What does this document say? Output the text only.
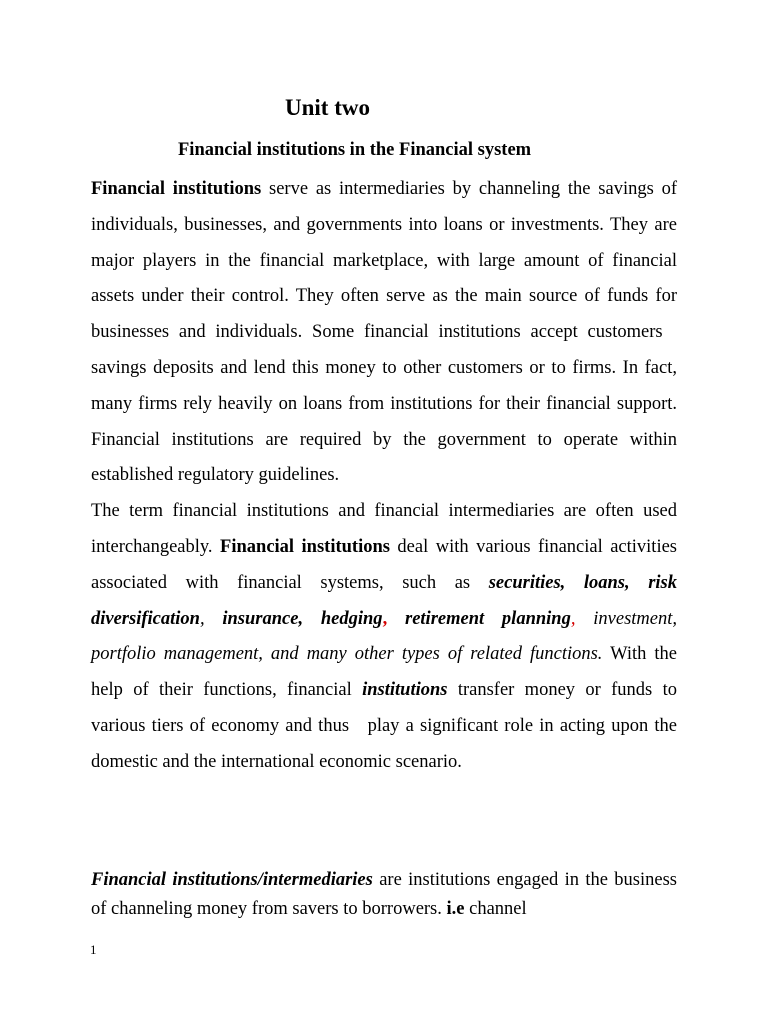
Unit two
Financial institutions in the Financial system

Financial institutions serve as intermediaries by channeling the savings of individuals, businesses, and governments into loans or investments. They are major players in the financial marketplace, with large amount of financial assets under their control. They often serve as the main source of funds for businesses and individuals. Some financial institutions accept customers   savings deposits and lend this money to other customers or to firms. In fact, many firms rely heavily on loans from institutions for their financial support. Financial institutions are required by the government to operate within established regulatory guidelines.

The term financial institutions and financial intermediaries are often used interchangeably. Financial institutions deal with various financial activities associated with financial systems, such as securities, loans, risk diversification, insurance, hedging, retirement planning, investment, portfolio management, and many other types of related functions. With the help of their functions, financial institutions transfer money or funds to various tiers of economy and thus   play a significant role in acting upon the domestic and the international economic scenario.

Financial institutions/intermediaries are institutions engaged in the business of channeling money from savers to borrowers. i.e channel

1
